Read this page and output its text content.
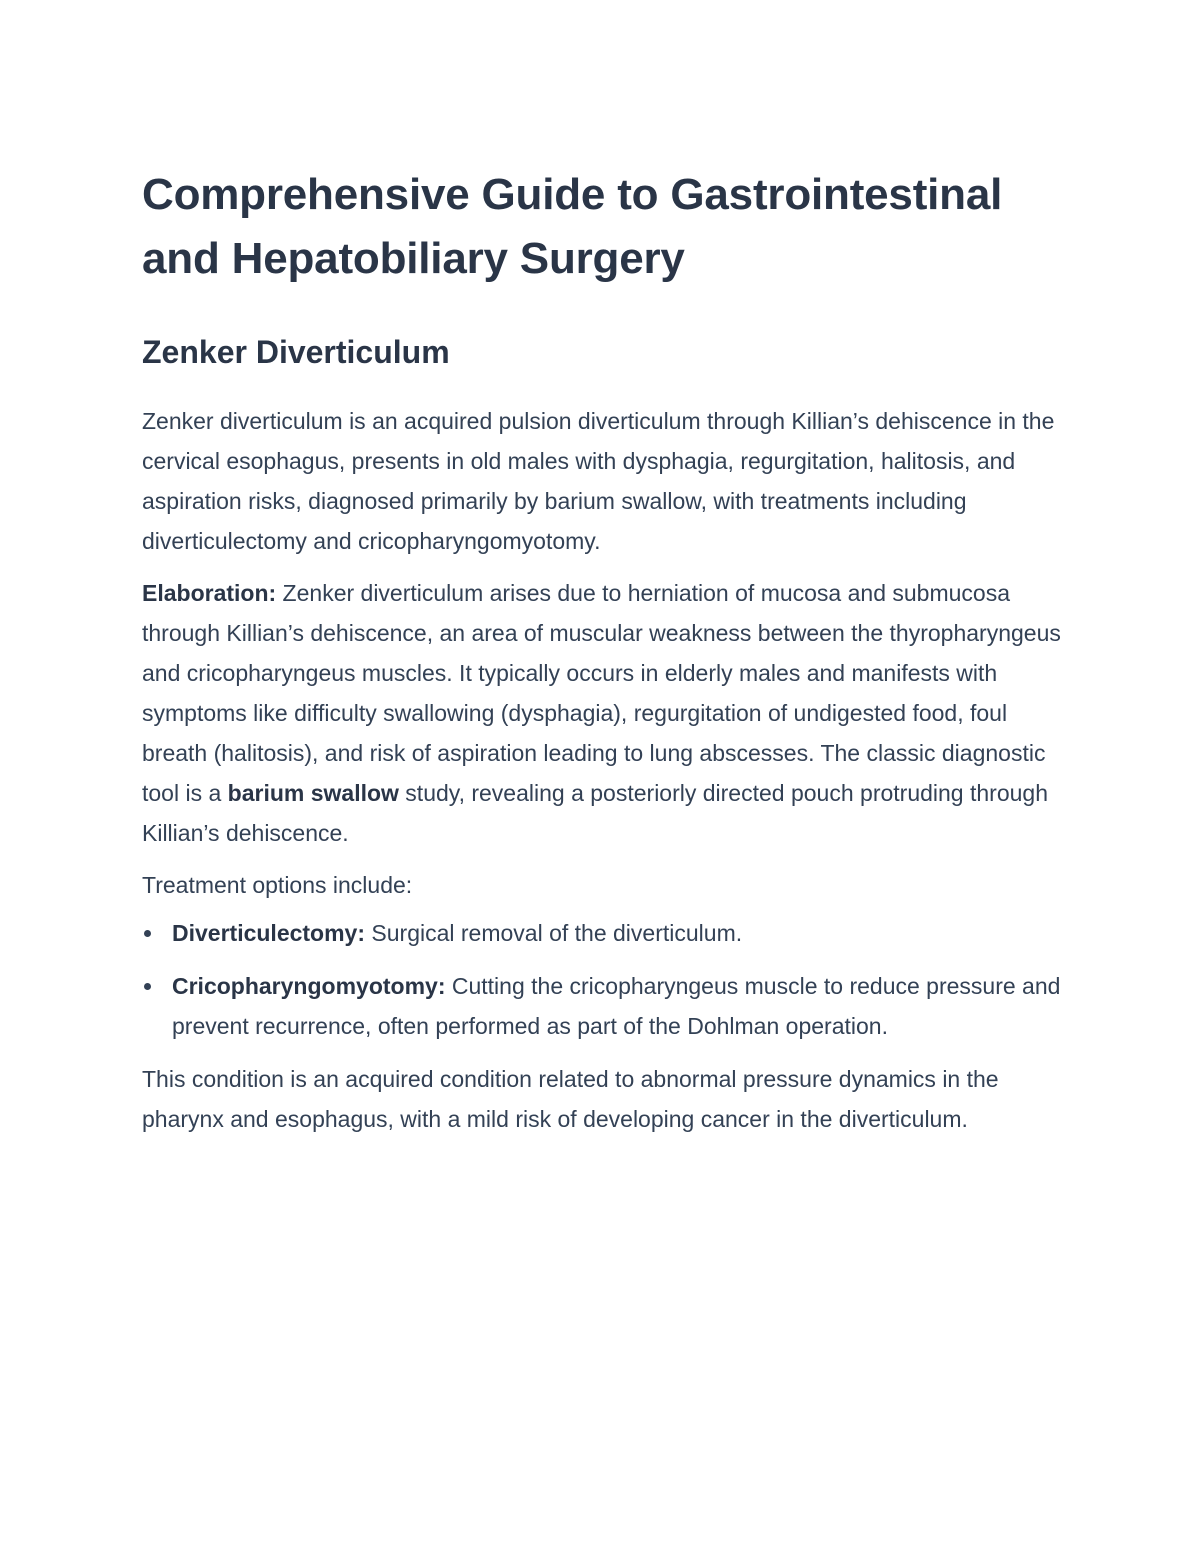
Comprehensive Guide to Gastrointestinal and Hepatobiliary Surgery
Zenker Diverticulum

Zenker diverticulum is an acquired pulsion diverticulum through Killian’s dehiscence in the cervical esophagus, presents in old males with dysphagia, regurgitation, halitosis, and aspiration risks, diagnosed primarily by barium swallow, with treatments including diverticulectomy and cricopharyngomyotomy.

Elaboration: Zenker diverticulum arises due to herniation of mucosa and submucosa through Killian’s dehiscence, an area of muscular weakness between the thyropharyngeus and cricopharyngeus muscles. It typically occurs in elderly males and manifests with symptoms like difficulty swallowing (dysphagia), regurgitation of undigested food, foul breath (halitosis), and risk of aspiration leading to lung abscesses. The classic diagnostic tool is a barium swallow study, revealing a posteriorly directed pouch protruding through Killian’s dehiscence.

Treatment options include:

Diverticulectomy: Surgical removal of the diverticulum.
Cricopharyngomyotomy: Cutting the cricopharyngeus muscle to reduce pressure and prevent recurrence, often performed as part of the Dohlman operation.

This condition is an acquired condition related to abnormal pressure dynamics in the pharynx and esophagus, with a mild risk of developing cancer in the diverticulum.
